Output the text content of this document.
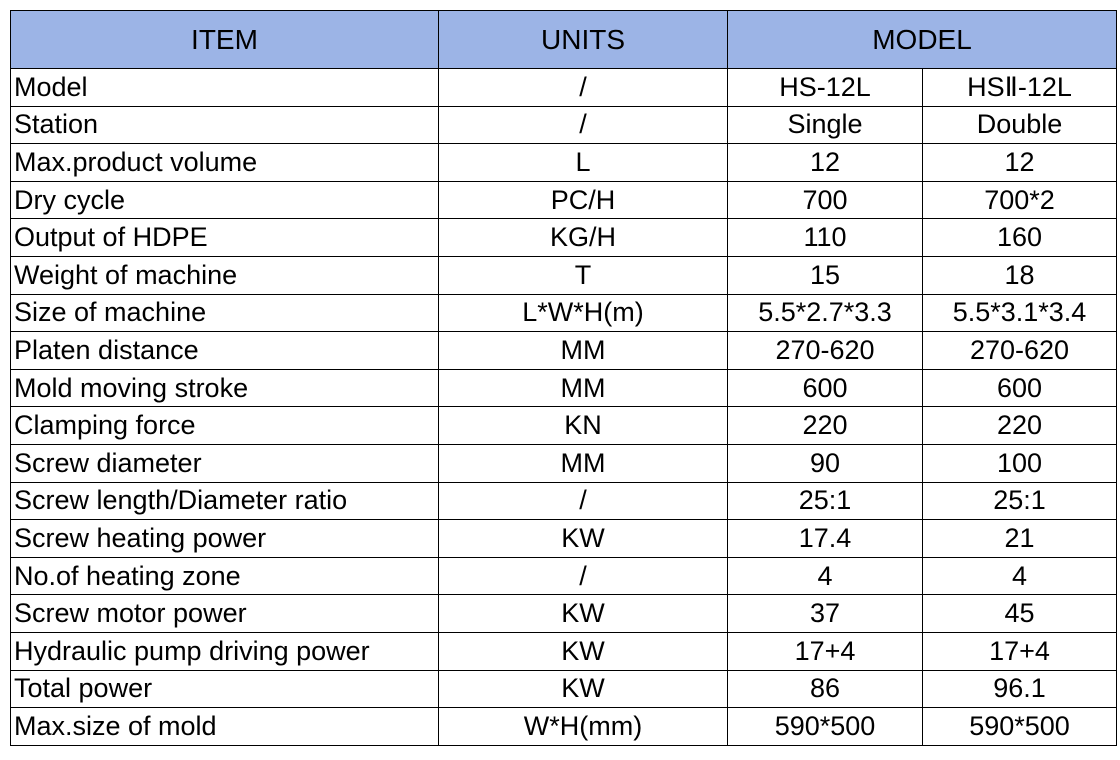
ITEM	UNITS	MODEL	
Model	/	HS-12L	HSⅡ-12L
Station	/	Single	Double
Max.product volume	L	12	12
Dry cycle	PC/H	700	700*2
Output of HDPE	KG/H	110	160
Weight of machine	T	15	18
Size of machine	L*W*H(m)	5.5*2.7*3.3	5.5*3.1*3.4
Platen distance	MM	270-620	270-620
Mold moving stroke	MM	600	600
Clamping force	KN	220	220
Screw diameter	MM	90	100
Screw length/Diameter ratio	/	25:1	25:1
Screw heating power	KW	17.4	21
No.of heating zone	/	4	4
Screw motor power	KW	37	45
Hydraulic pump driving power	KW	17+4	17+4
Total power	KW	86	96.1
Max.size of mold	W*H(mm)	590*500	590*500
